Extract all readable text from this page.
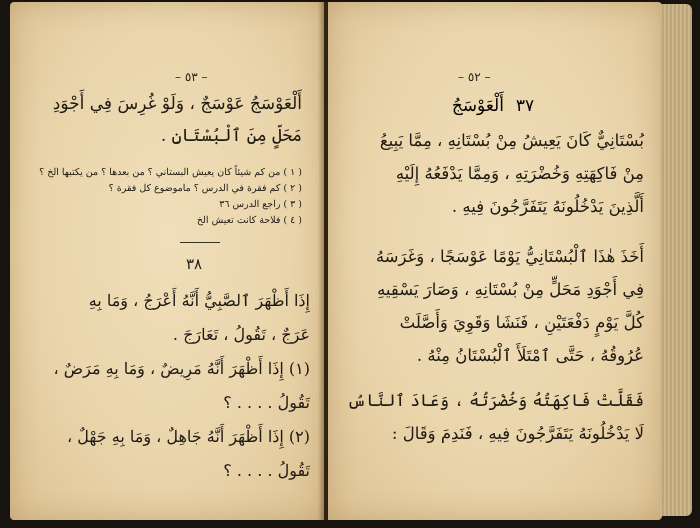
– ٥٣ –
أَلْعَوْسَجُ عَوْسَجٌ ، وَلَوْ غُرِسَ فِي أَجْوَدِ
مَحَلٍّ مِنَ ٱلْبُسْتَانِ .
( ١ ) من كم شيئاً كان يعيش البستاني ؟ من بعدها ؟ من يكتبها الخ ؟
( ٢ ) كم فقرة في الدرس ؟ ماموضوع كل فقرة ؟
( ٣ ) راجع الدرس ٣٦
( ٤ ) فلاحة كانت تعيش الخ
٣٨

إِذَا أَظْهَرَ ٱلصَّبِيُّ أَنَّهُ أَعْرَجُ ، وَمَا بِهِ

عَرَجٌ ، تَقُولُ ، تَعَارَجَ .

(١) إِذَا أَظْهَرَ أَنَّهُ مَرِيضٌ ، وَمَا بِهِ مَرَضٌ ،

تَقُولُ . . . . ؟

(٢) إِذَا أَظْهَرَ أَنَّهُ جَاهِلٌ ، وَمَا بِهِ جَهْلٌ ،

تَقُولُ . . . . ؟

– ٥٢ –
٣٧
أَلْعَوْسَجُ
بُسْتَانِيٌّ كَانَ يَعِيشُ مِنْ بُسْتَانِهِ ، مِمَّا يَبِيعُ
مِنْ فَاكِهَتِهِ وَخُضْرَتِهِ ، وَمِمَّا يَدْفَعُهُ إِلَيْهِ
أَلَّذِينَ يَدْخُلُونَهُ يَتَفَرَّجُونَ فِيهِ .
أَخَذَ هٰذَا ٱلْبُسْتَانِيُّ يَوْمًا عَوْسَجًا ، وَغَرَسَهُ
فِي أَجْوَدِ مَحَلٍّ مِنْ بُسْتَانِهِ ، وَصَارَ يَسْقِيهِ
كُلَّ يَوْمٍ دَفْعَتَيْنِ ، فَنَشَا وَقَوِيَ وَأَصَّلَتْ
عُرُوقُهُ ، حَتَّى ٱمْتَلَأَ ٱلْبُسْتَانُ مِنْهُ .
فَقَلَّتْ فَاكِهَتُهُ وَخُضْرَتُهُ ، وَعَادَ ٱلنَّاسُ
لَا يَدْخُلُونَهُ يَتَفَرَّجُونَ فِيهِ ، فَنَدِمَ وَقَالَ :
